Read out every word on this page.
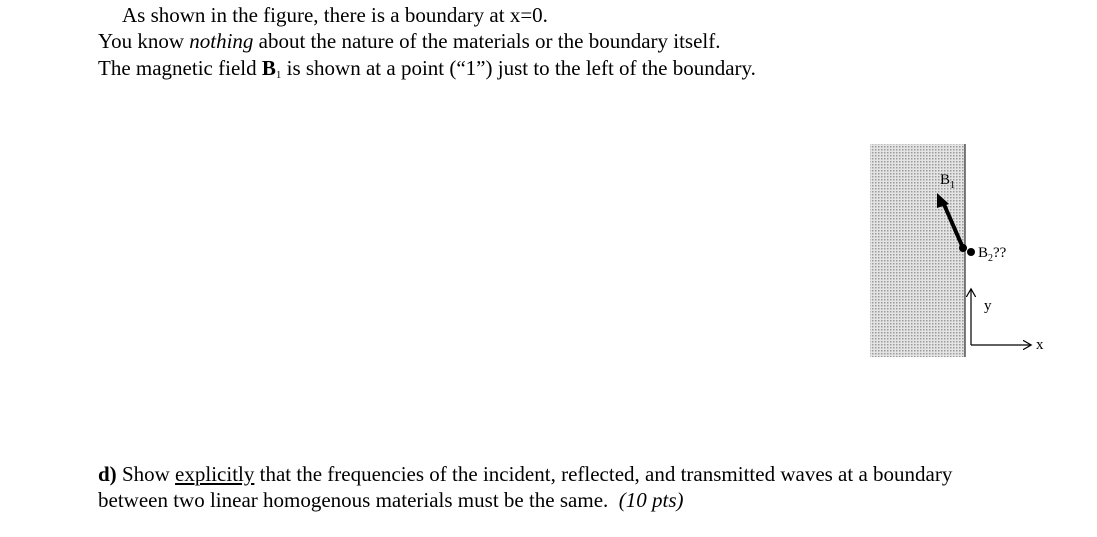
As shown in the figure, there is a boundary at x=0.
You know nothing about the nature of the materials or the boundary itself.
The magnetic field $B_1$ is shown at a point (“1”) just to the left of the boundary.
$B_1$
$B_2$??
y
x
d) Show explicitly that the frequencies of the incident, reflected, and transmitted waves at a boundary
between two linear homogenous materials must be the same.  (10 pts)
